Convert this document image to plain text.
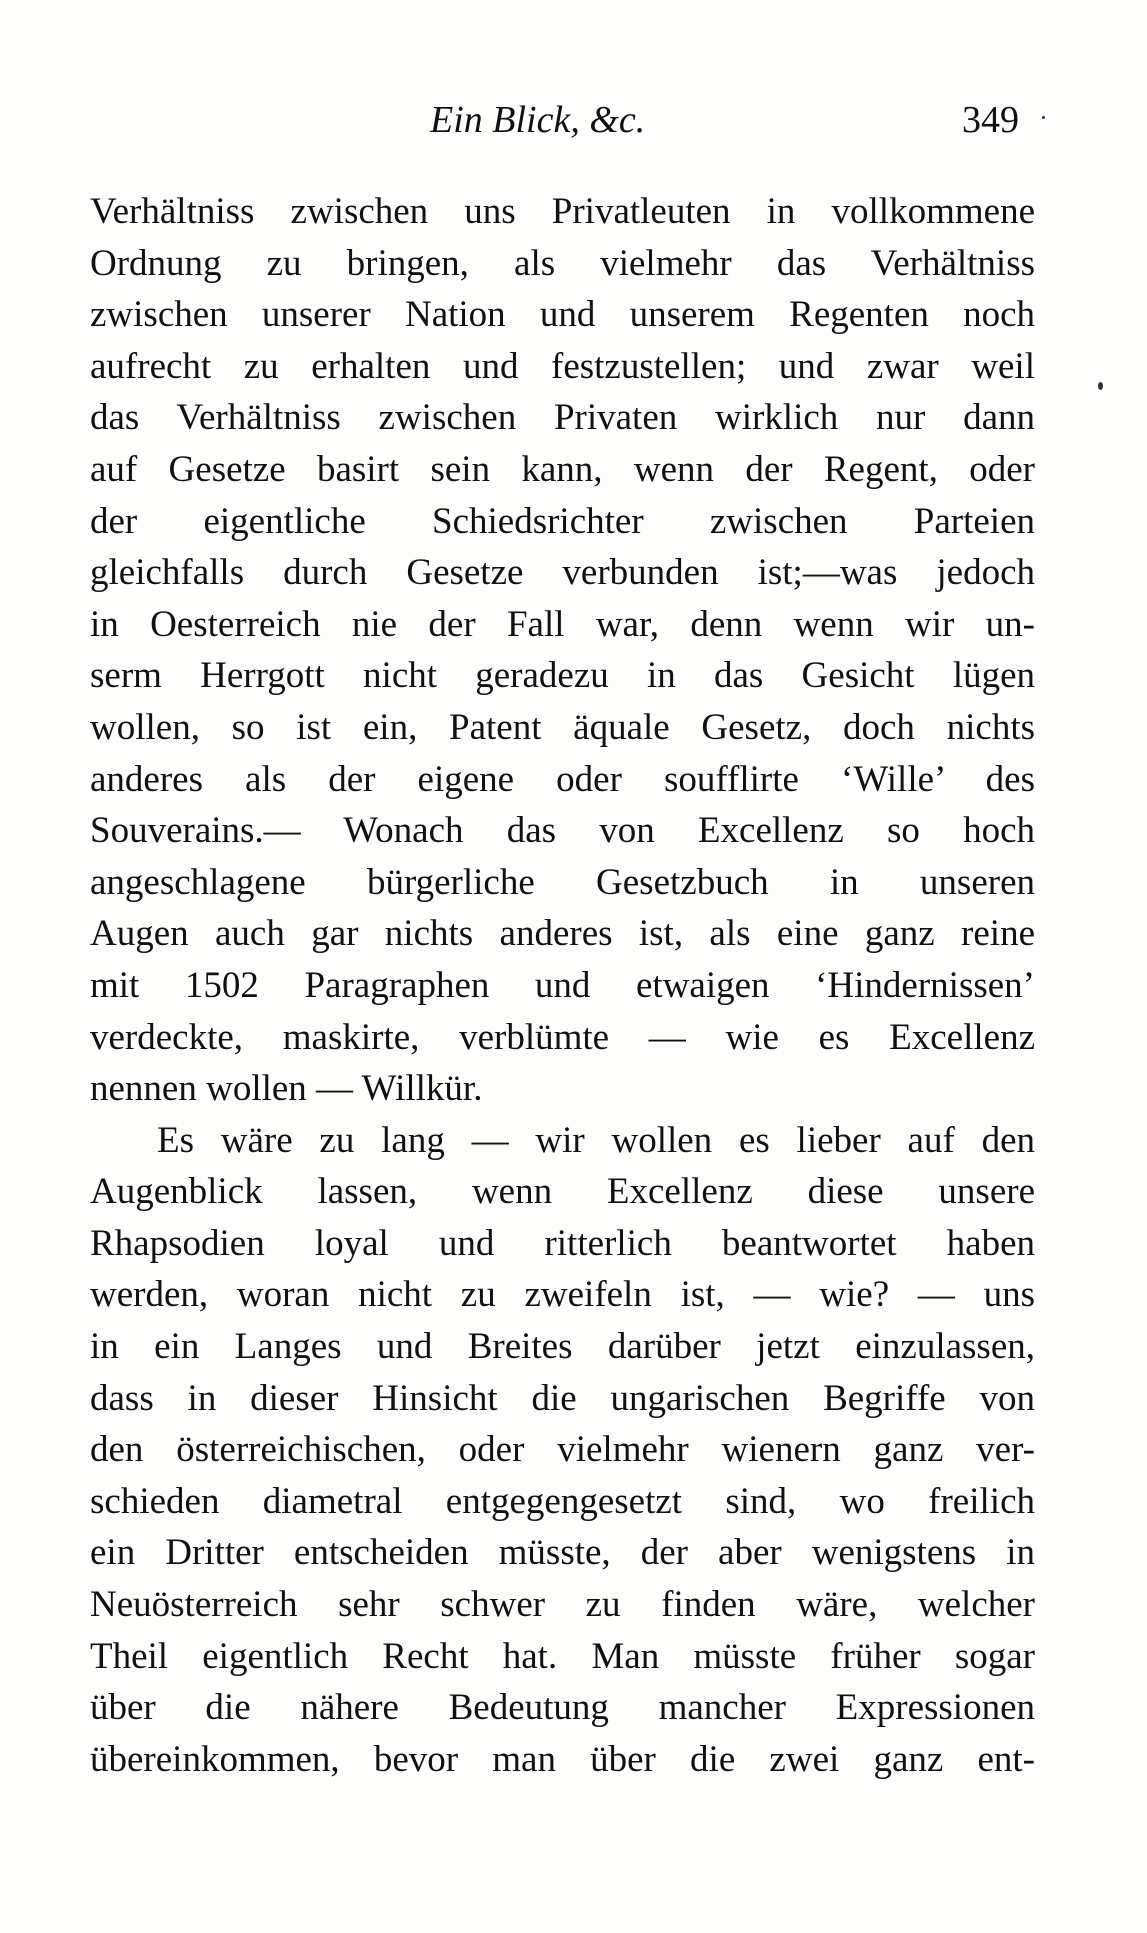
Ein Blick, &c.	349
Verhältniss zwischen uns Privatleuten in vollkommene
Ordnung zu bringen, als vielmehr das Verhältniss
zwischen unserer Nation und unserem Regenten noch
aufrecht zu erhalten und festzustellen; und zwar weil
das Verhältniss zwischen Privaten wirklich nur dann
auf Gesetze basirt sein kann, wenn der Regent, oder
der eigentliche Schiedsrichter zwischen Parteien
gleichfalls durch Gesetze verbunden ist;—was jedoch
in Oesterreich nie der Fall war, denn wenn wir un-
serm Herrgott nicht geradezu in das Gesicht lügen
wollen, so ist ein, Patent äquale Gesetz, doch nichts
anderes als der eigene oder soufflirte ‘Wille’ des
Souverains.— Wonach das von Excellenz so hoch
angeschlagene bürgerliche Gesetzbuch in unseren
Augen auch gar nichts anderes ist, als eine ganz reine
mit 1502 Paragraphen und etwaigen ‘Hindernissen’
verdeckte, maskirte, verblümte — wie es Excellenz
nennen wollen — Willkür.
Es wäre zu lang — wir wollen es lieber auf den
Augenblick lassen, wenn Excellenz diese unsere
Rhapsodien loyal und ritterlich beantwortet haben
werden, woran nicht zu zweifeln ist, — wie? — uns
in ein Langes und Breites darüber jetzt einzulassen,
dass in dieser Hinsicht die ungarischen Begriffe von
den österreichischen, oder vielmehr wienern ganz ver-
schieden diametral entgegengesetzt sind, wo freilich
ein Dritter entscheiden müsste, der aber wenigstens in
Neuösterreich sehr schwer zu finden wäre, welcher
Theil eigentlich Recht hat. Man müsste früher sogar
über die nähere Bedeutung mancher Expressionen
übereinkommen, bevor man über die zwei ganz ent-
